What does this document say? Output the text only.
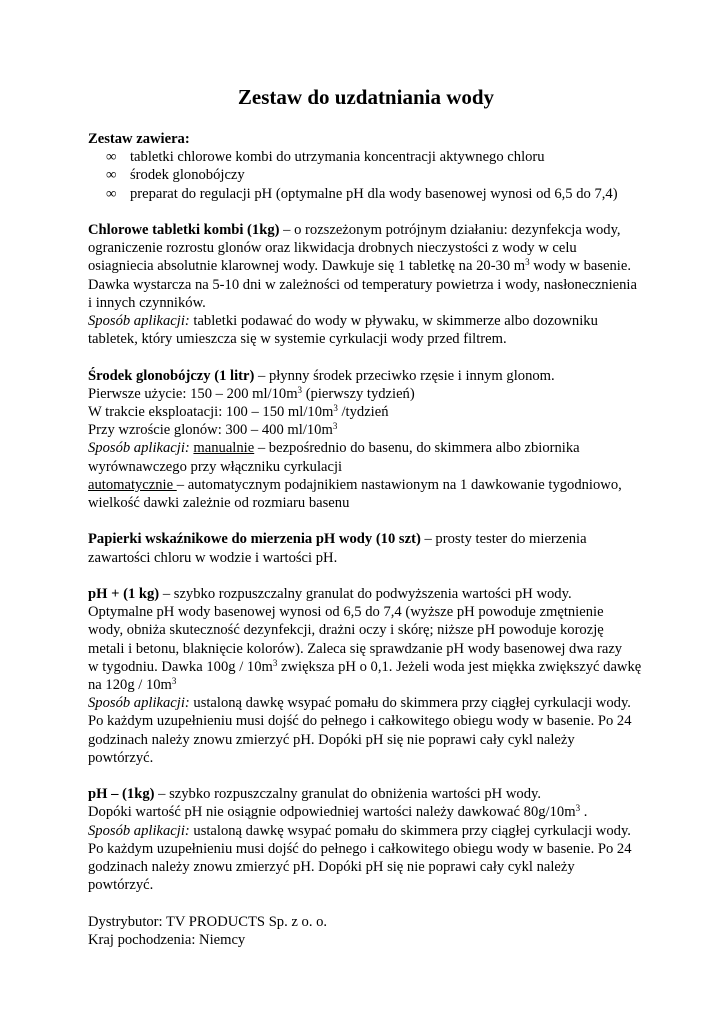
Zestaw do uzdatniania wody
Zestaw zawiera:
∞ tabletki chlorowe kombi do utrzymania koncentracji aktywnego chloru
∞ środek glonobójczy
∞ preparat do regulacji pH (optymalne pH dla wody basenowej wynosi od 6,5 do 7,4)
Chlorowe tabletki kombi (1kg) – o rozszeżonym potrójnym działaniu: dezynfekcja wody,
ograniczenie rozrostu glonów oraz likwidacja drobnych nieczystości z wody w celu
osiagniecia absolutnie klarownej wody. Dawkuje się 1 tabletkę na 20-30 $m^3$ wody w basenie.
Dawka wystarcza na 5-10 dni w zależności od temperatury powietrza i wody, nasłonecznienia
i innych czynników.
Sposób aplikacji: tabletki podawać do wody w pływaku, w skimmerze albo dozowniku
tabletek, który umieszcza się w systemie cyrkulacji wody przed filtrem.
Środek glonobójczy (1 litr) – płynny środek przeciwko rzęsie i innym glonom.
Pierwsze użycie: 150 – 200 $ml/10m^3$ (pierwszy tydzień)
W trakcie eksploatacji: 100 – 150 $ml/10m^3$ /tydzień
Przy wzroście glonów: 300 – 400 $ml/10m^3$
Sposób aplikacji: manualnie – bezpośrednio do basenu, do skimmera albo zbiornika
wyrównawczego przy włączniku cyrkulacji
automatycznie – automatycznym podajnikiem nastawionym na 1 dawkowanie tygodniowo,
wielkość dawki zależnie od rozmiaru basenu
Papierki wskaźnikowe do mierzenia pH wody (10 szt) – prosty tester do mierzenia
zawartości chloru w wodzie i wartości pH.
pH + (1 kg) – szybko rozpuszczalny granulat do podwyższenia wartości pH wody.
Optymalne pH wody basenowej wynosi od 6,5 do 7,4 (wyższe pH powoduje zmętnienie
wody, obniża skuteczność dezynfekcji, drażni oczy i skórę; niższe pH powoduje korozję
metali i betonu, blaknięcie kolorów). Zaleca się sprawdzanie pH wody basenowej dwa razy
w tygodniu. Dawka $100g / 10m^3$ zwiększa pH o 0,1. Jeżeli woda jest miękka zwiększyć dawkę
na $120g / 10m^3$
Sposób aplikacji: ustaloną dawkę wsypać pomału do skimmera przy ciągłej cyrkulacji wody.
Po każdym uzupełnieniu musi dojść do pełnego i całkowitego obiegu wody w basenie. Po 24
godzinach należy znowu zmierzyć pH. Dopóki pH się nie poprawi cały cykl należy
powtórzyć.
pH – (1kg) – szybko rozpuszczalny granulat do obniżenia wartości pH wody.
Dopóki wartość pH nie osiągnie odpowiedniej wartości należy dawkować $80g/10m^3$ .
Sposób aplikacji: ustaloną dawkę wsypać pomału do skimmera przy ciągłej cyrkulacji wody.
Po każdym uzupełnieniu musi dojść do pełnego i całkowitego obiegu wody w basenie. Po 24
godzinach należy znowu zmierzyć pH. Dopóki pH się nie poprawi cały cykl należy
powtórzyć.
Dystrybutor: TV PRODUCTS Sp. z o. o.
Kraj pochodzenia: Niemcy
